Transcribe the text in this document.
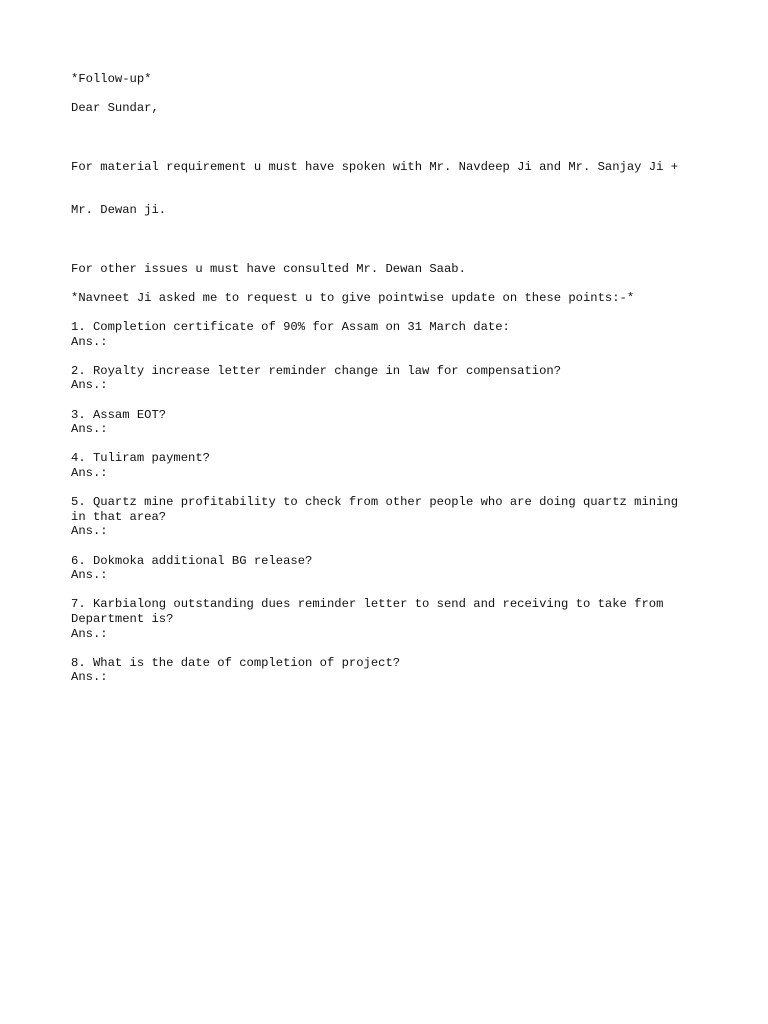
*Follow-up*
Dear Sundar,

For material requirement u must have spoken with Mr. Navdeep Ji and Mr. Sanjay Ji +

Mr. Dewan ji.

For other issues u must have consulted Mr. Dewan Saab.
*Navneet Ji asked me to request u to give pointwise update on these points:-*
1. Completion certificate of 90% for Assam on 31 March date:
Ans.:
2. Royalty increase letter reminder change in law for compensation?
Ans.:
3. Assam EOT?
Ans.:
4. Tuliram payment?
Ans.:
5. Quartz mine profitability to check from other people who are doing quartz mining
in that area?
Ans.:
6. Dokmoka additional BG release?
Ans.:
7. Karbialong outstanding dues reminder letter to send and receiving to take from
Department is?
Ans.:
8. What is the date of completion of project?
Ans.:
